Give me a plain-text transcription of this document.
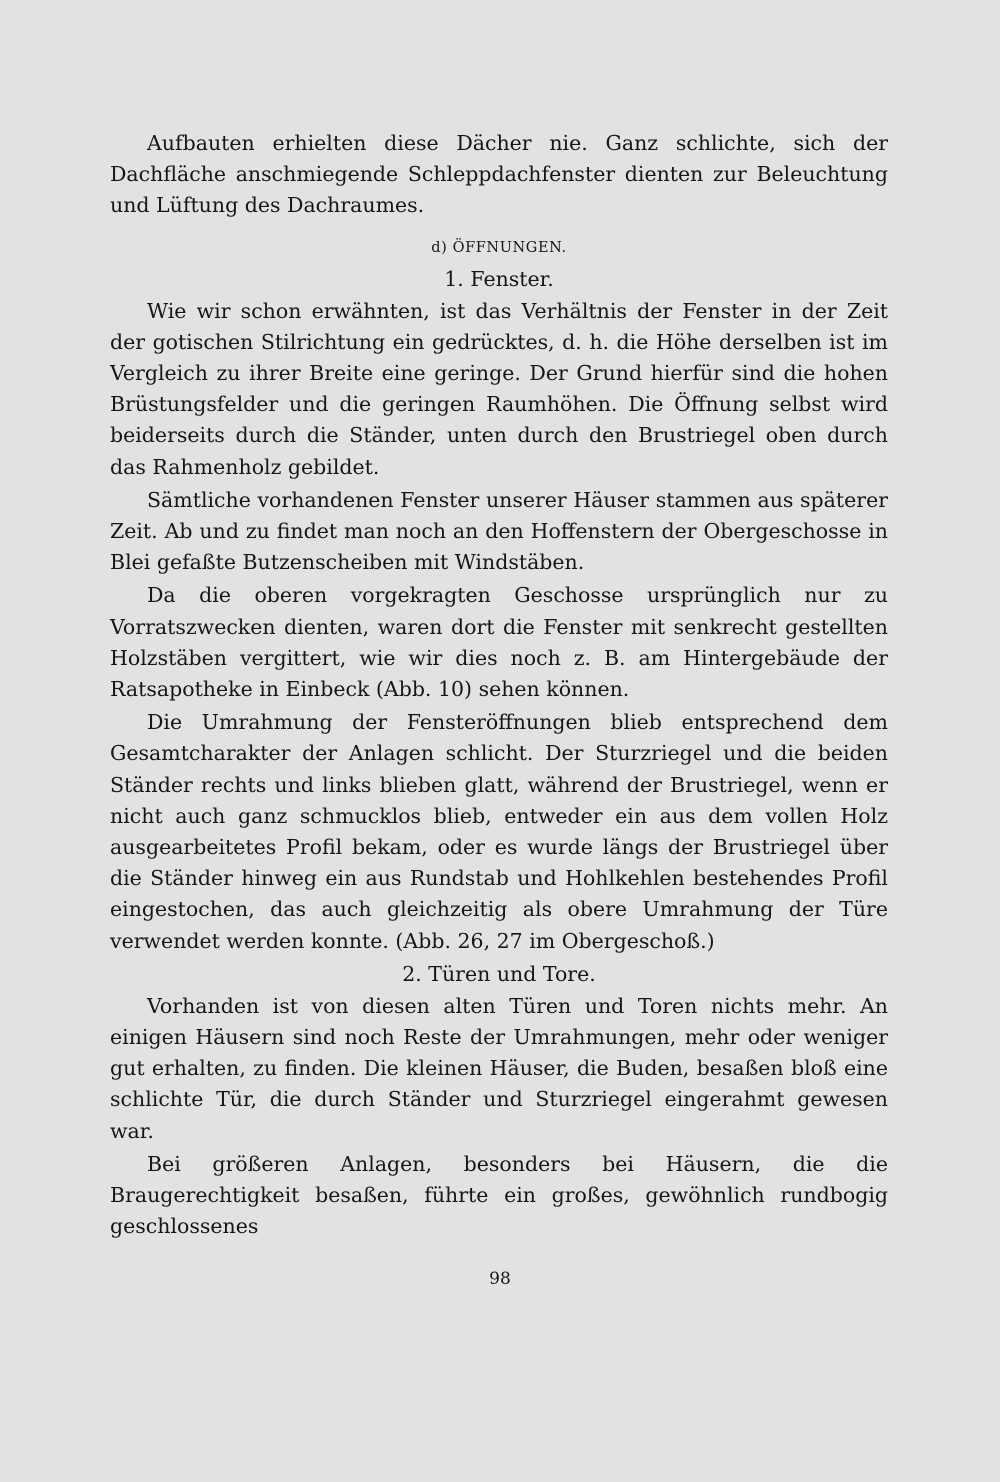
Aufbauten erhielten diese Dächer nie. Ganz schlichte, sich der Dachfläche anschmiegende Schleppdachfenster dienten zur Beleuchtung und Lüftung des Dachraumes.

d) ÖFFNUNGEN.
1. Fenster.

Wie wir schon erwähnten, ist das Verhältnis der Fenster in der Zeit der gotischen Stilrichtung ein gedrücktes, d. h. die Höhe derselben ist im Vergleich zu ihrer Breite eine geringe. Der Grund hierfür sind die hohen Brüstungsfelder und die geringen Raumhöhen. Die Öffnung selbst wird beiderseits durch die Ständer, unten durch den Brustriegel oben durch das Rahmenholz gebildet.

Sämtliche vorhandenen Fenster unserer Häuser stammen aus späterer Zeit. Ab und zu findet man noch an den Hoffenstern der Obergeschosse in Blei gefaßte Butzenscheiben mit Windstäben.

Da die oberen vorgekragten Geschosse ursprünglich nur zu Vorratszwecken dienten, waren dort die Fenster mit senkrecht gestellten Holzstäben vergittert, wie wir dies noch z. B. am Hintergebäude der Ratsapotheke in Einbeck (Abb. 10) sehen können.

Die Umrahmung der Fensteröffnungen blieb entsprechend dem Gesamtcharakter der Anlagen schlicht. Der Sturzriegel und die beiden Ständer rechts und links blieben glatt, während der Brustriegel, wenn er nicht auch ganz schmucklos blieb, entweder ein aus dem vollen Holz ausgearbeitetes Profil bekam, oder es wurde längs der Brustriegel über die Ständer hinweg ein aus Rundstab und Hohlkehlen bestehendes Profil eingestochen, das auch gleichzeitig als obere Umrahmung der Türe verwendet werden konnte. (Abb. 26, 27 im Obergeschoß.)

2. Türen und Tore.

Vorhanden ist von diesen alten Türen und Toren nichts mehr. An einigen Häusern sind noch Reste der Umrahmungen, mehr oder weniger gut erhalten, zu finden. Die kleinen Häuser, die Buden, besaßen bloß eine schlichte Tür, die durch Ständer und Sturzriegel eingerahmt gewesen war.

Bei größeren Anlagen, besonders bei Häusern, die die Braugerechtigkeit besaßen, führte ein großes, gewöhnlich rundbogig geschlossenes

98
